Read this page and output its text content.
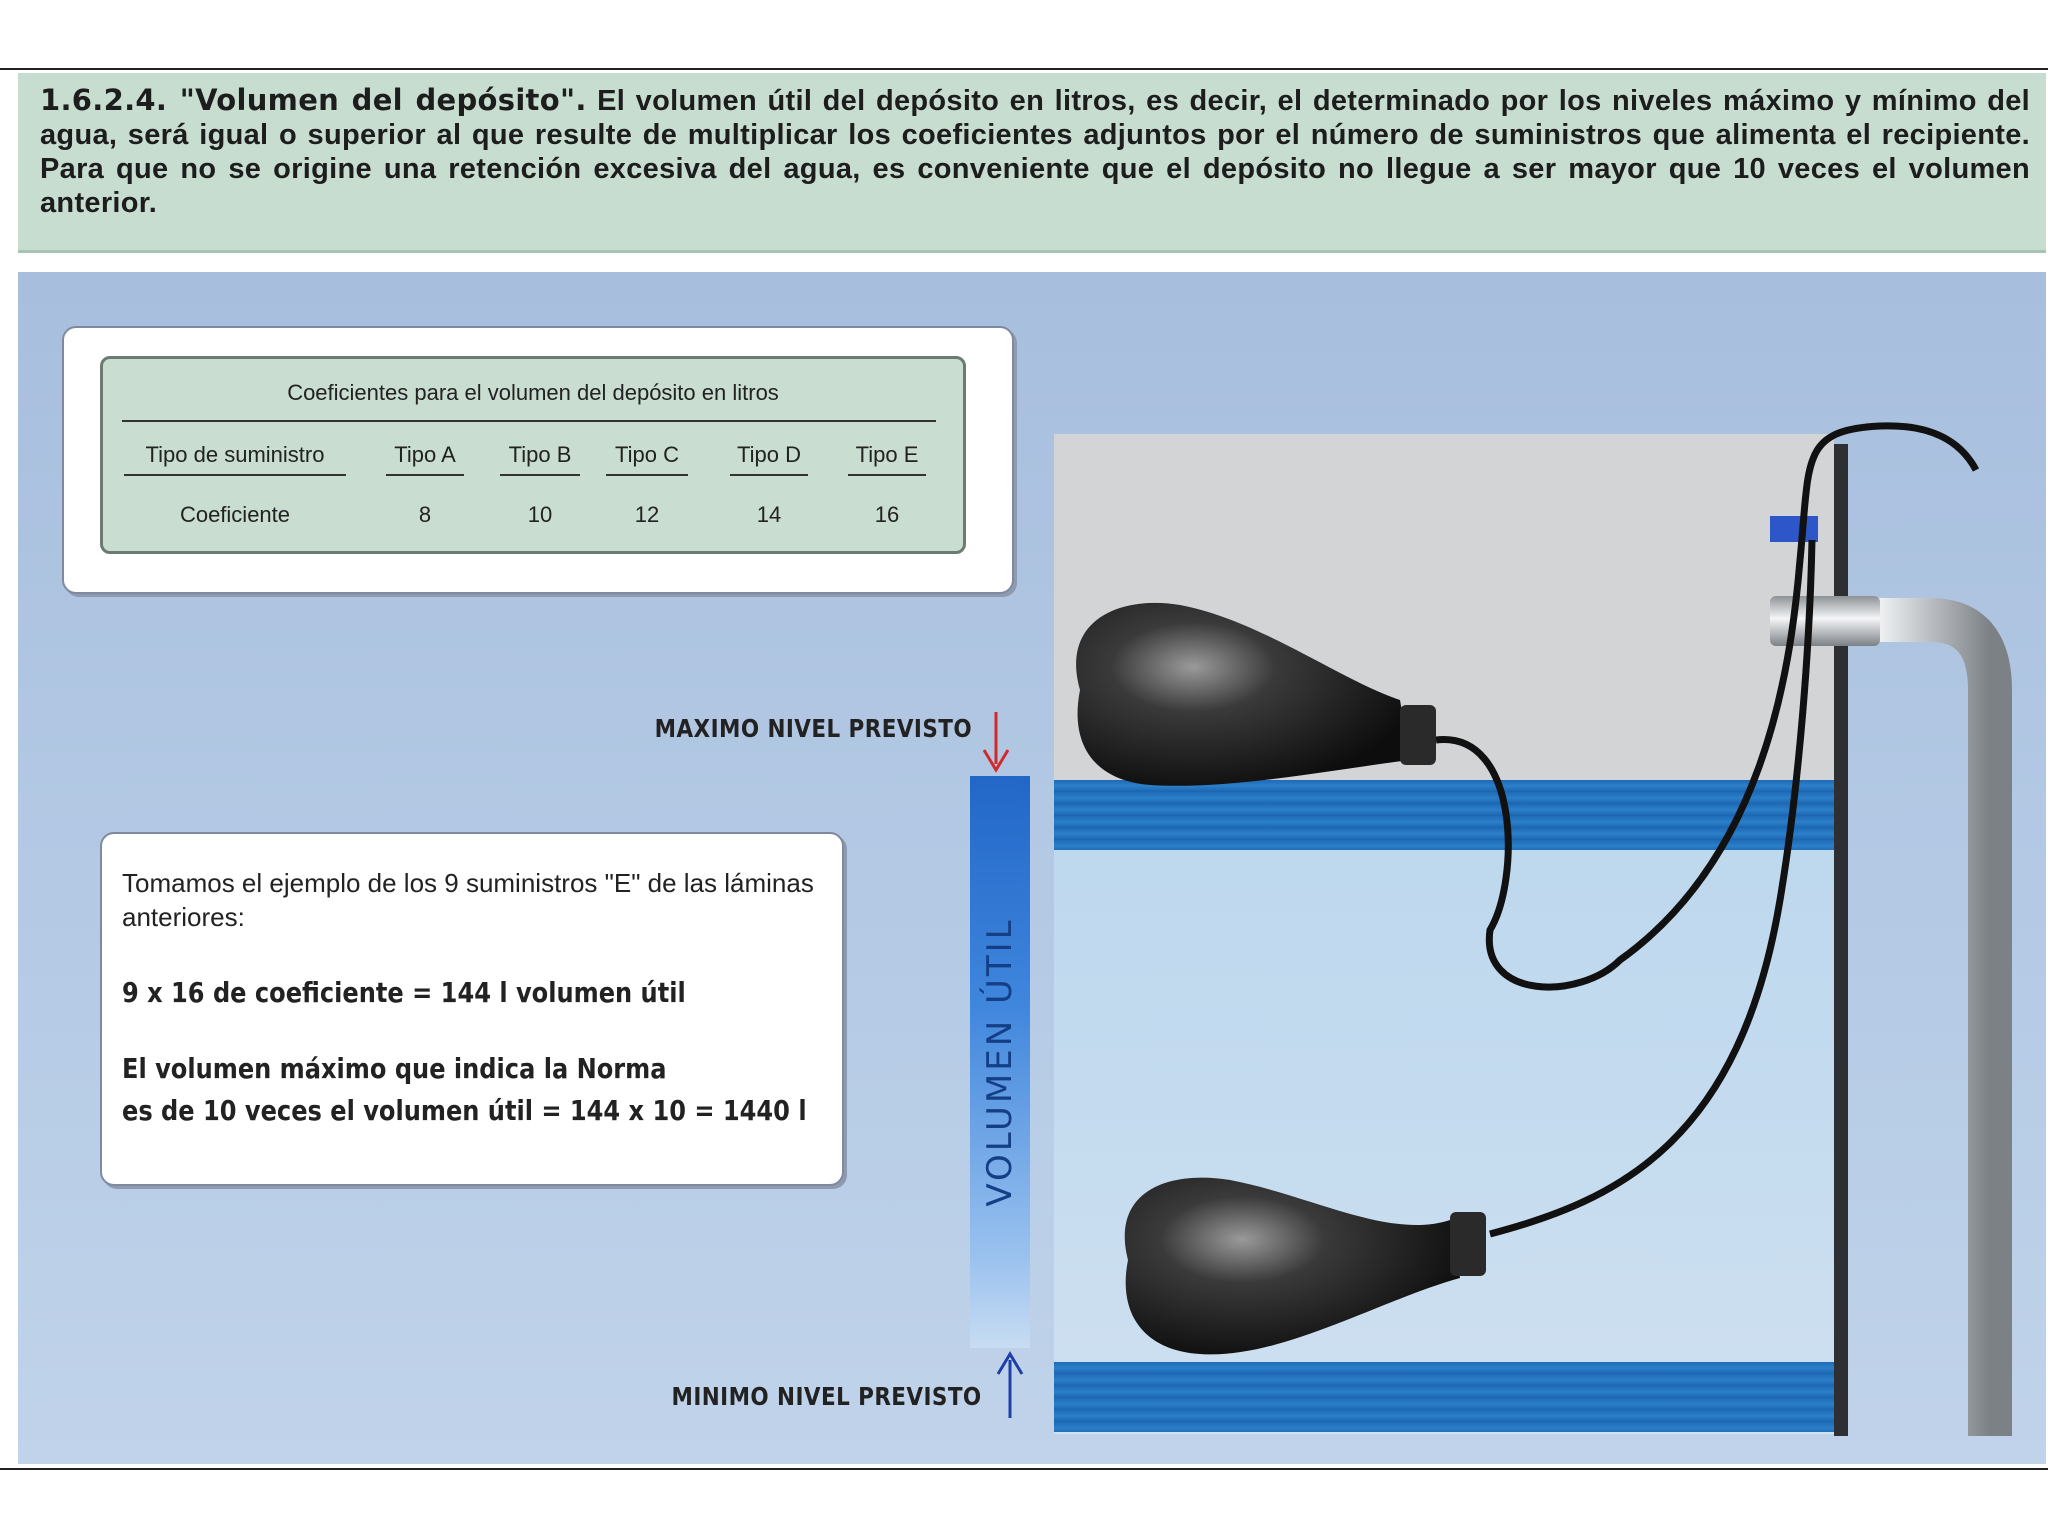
1.6.2.4. "Volumen del depósito". El volumen útil del depósito en litros, es decir, el determinado por los niveles máximo y mínimo del agua, será igual o superior al que resulte de multiplicar los coeficientes adjuntos por el número de suministros que alimenta el recipiente. Para que no se origine una retención excesiva del agua, es conveniente que el depósito no llegue a ser mayor que 10 veces el volumen anterior.
Coeficientes para el volumen del depósito en litros
Tipo de suministro	Tipo A	Tipo B	Tipo C	Tipo D	Tipo E
Coeficiente	8	10	12	14	16
VOLUMEN ÚTIL
MAXIMO NIVEL PREVISTO
MINIMO NIVEL PREVISTO
Tomamos el ejemplo de los 9 suministros "E" de las láminas anteriores:
9 x 16 de coeficiente = 144 l volumen útil
El volumen máximo que indica la Norma
es de 10 veces el volumen útil = 144 x 10 = 1440 l
